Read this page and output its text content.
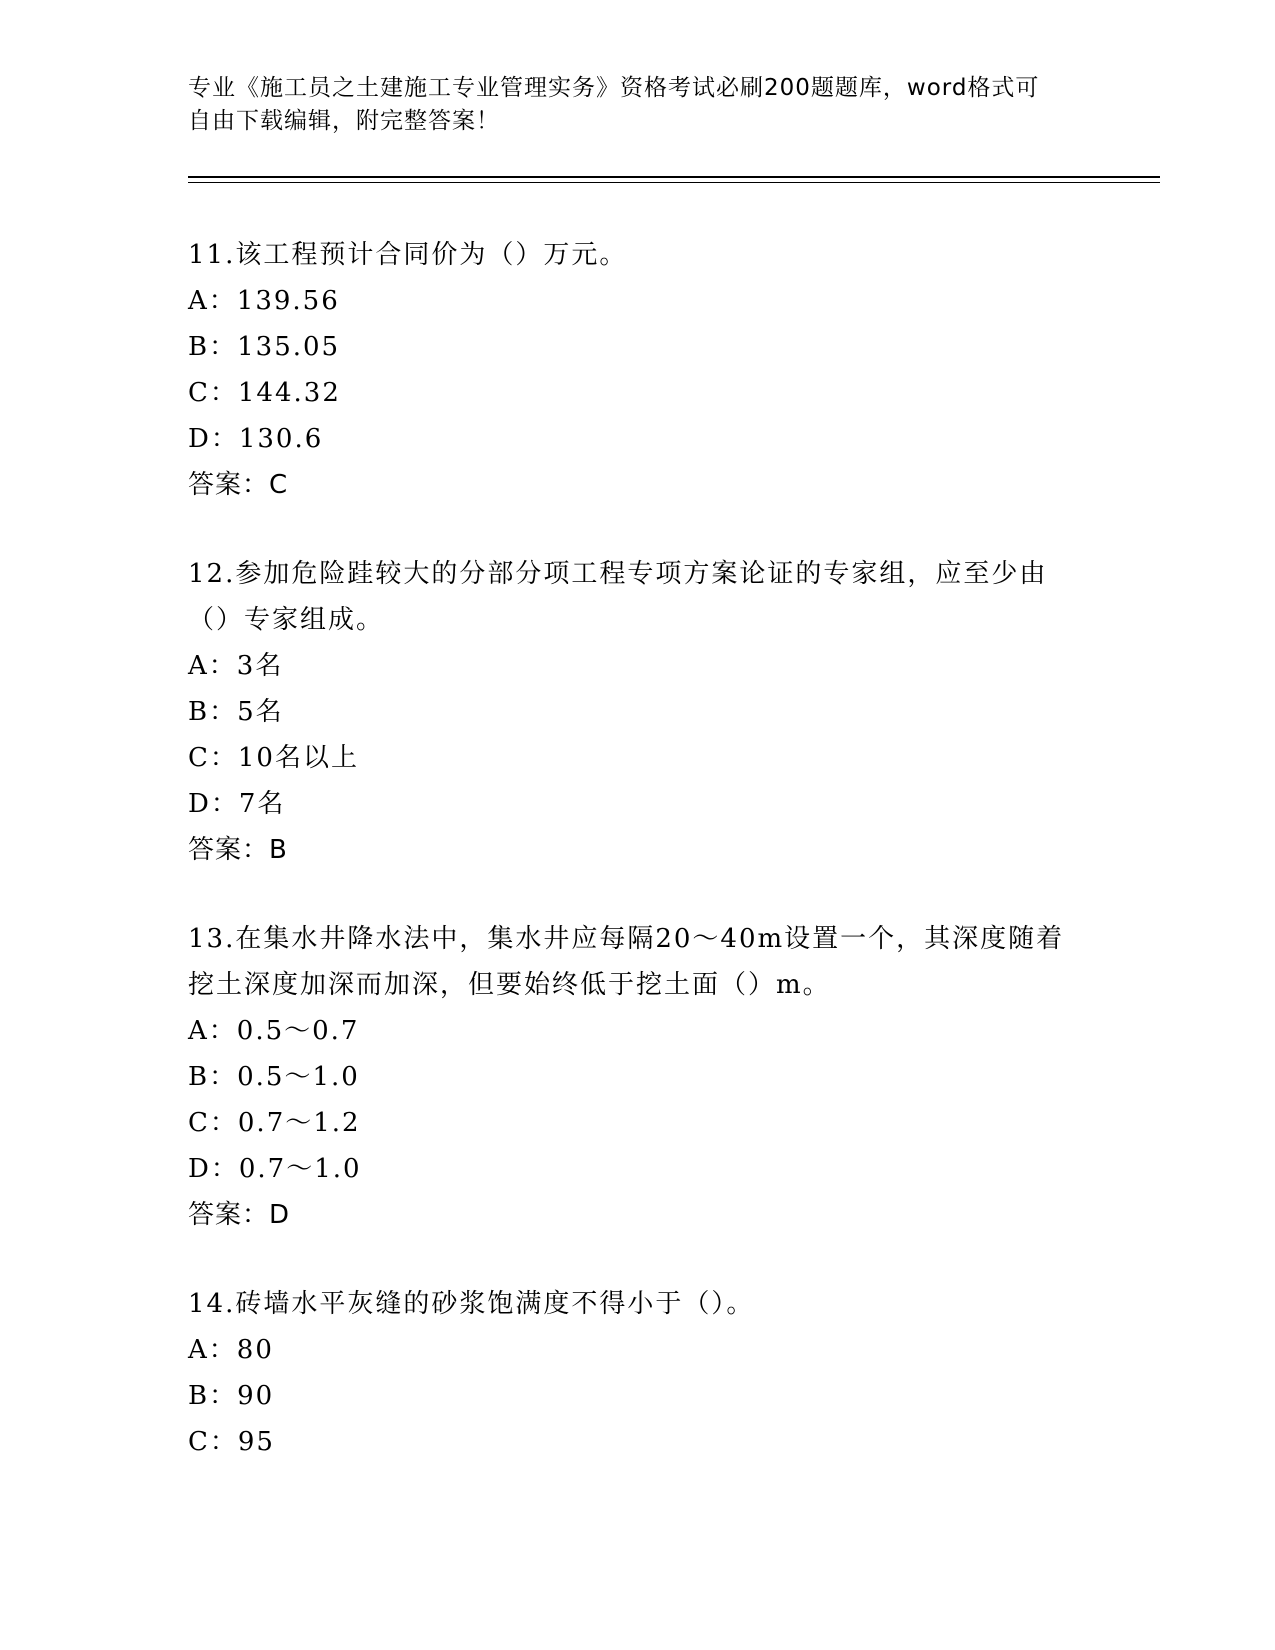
专业《施工员之土建施工专业管理实务》资格考试必刷200题题库，word格式可
自由下载编辑，附完整答案！
11.该工程预计合同价为（）万元。
A：139.56
B：135.05
C：144.32
D：130.6
答案：C
12.参加危险跬较大的分部分项工程专项方案论证的专家组，应至少由
（）专家组成。
A：3名
B：5名
C：10名以上
D：7名
答案：B
13.在集水井降水法中，集水井应每隔20～40m设置一个，其深度随着
挖土深度加深而加深，但要始终低于挖土面（）m。
A：0.5～0.7
B：0.5～1.0
C：0.7～1.2
D：0.7～1.0
答案：D
14.砖墙水平灰缝的砂浆饱满度不得小于（）。
A：80
B：90
C：95
